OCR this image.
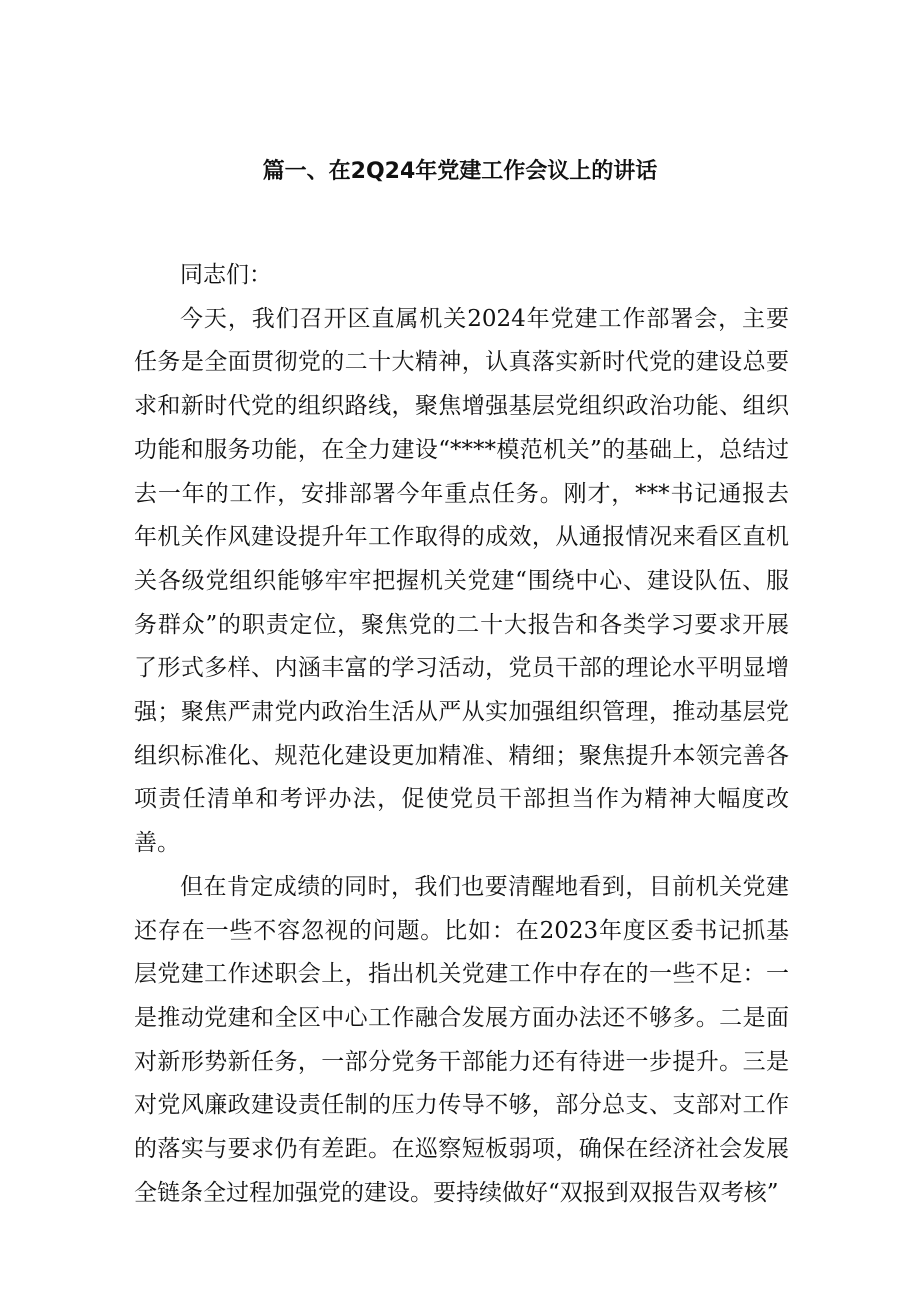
篇一、在2Q24年党建工作会议上的讲话

同志们：

今天，我们召开区直属机关2024年党建工作部署会，主要任务是全面贯彻党的二十大精神，认真落实新时代党的建设总要求和新时代党的组织路线，聚焦增强基层党组织政治功能、组织功能和服务功能，在全力建设“****模范机关”的基础上，总结过去一年的工作，安排部署今年重点任务。刚才，***书记通报去年机关作风建设提升年工作取得的成效，从通报情况来看区直机关各级党组织能够牢牢把握机关党建“围绕中心、建设队伍、服务群众”的职责定位，聚焦党的二十大报告和各类学习要求开展了形式多样、内涵丰富的学习活动，党员干部的理论水平明显增强；聚焦严肃党内政治生活从严从实加强组织管理，推动基层党组织标准化、规范化建设更加精准、精细；聚焦提升本领完善各项责任清单和考评办法，促使党员干部担当作为精神大幅度改善。

但在肯定成绩的同时，我们也要清醒地看到，目前机关党建还存在一些不容忽视的问题。比如：在2023年度区委书记抓基层党建工作述职会上，指出机关党建工作中存在的一些不足：一是推动党建和全区中心工作融合发展方面办法还不够多。二是面对新形势新任务，一部分党务干部能力还有待进一步提升。三是对党风廉政建设责任制的压力传导不够，部分总支、支部对工作的落实与要求仍有差距。在巡察短板弱项，确保在经济社会发展全链条全过程加强党的建设。要持续做好“双报到双报告双考核”
